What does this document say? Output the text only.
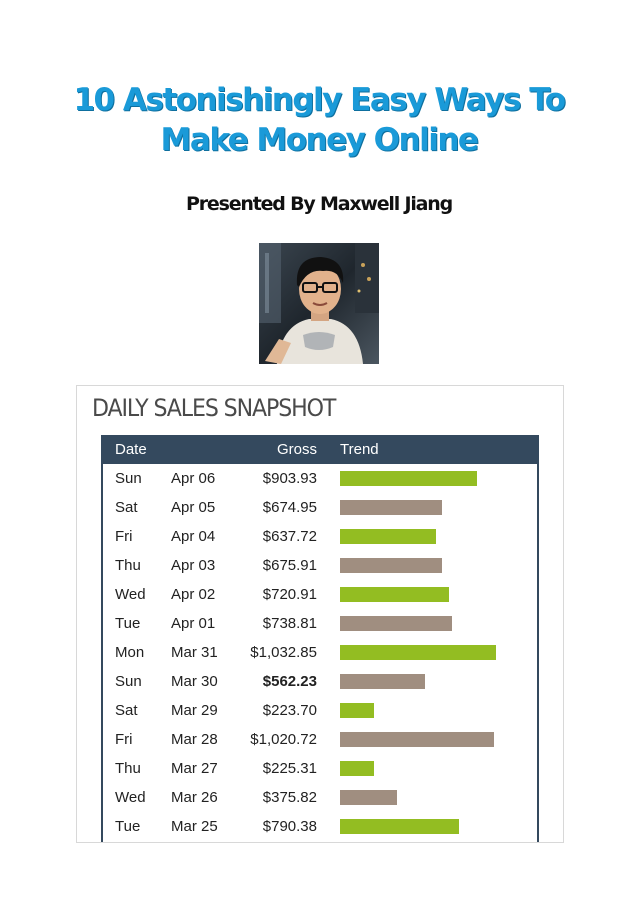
10 Astonishingly Easy Ways To
Make Money Online
Presented By Maxwell Jiang
DAILY SALES SNAPSHOT
Date	Gross Trend
Sun Apr 06	$903.93
Sat Apr 05	$674.95
Fri	Apr 04	$637.72
Thu Apr 03	$675.91
Wed Apr 02	$720.91
Tue Apr 01	$738.81
Mon Mar 31 $1,032.85
Sun Mar 30	$562.23
Sat Mar 29	$223.70
Fri	Mar 28 $1,020.72
Thu Mar 27	$225.31
Wed Mar 26	$375.82
Tue Mar 25	$790.38
